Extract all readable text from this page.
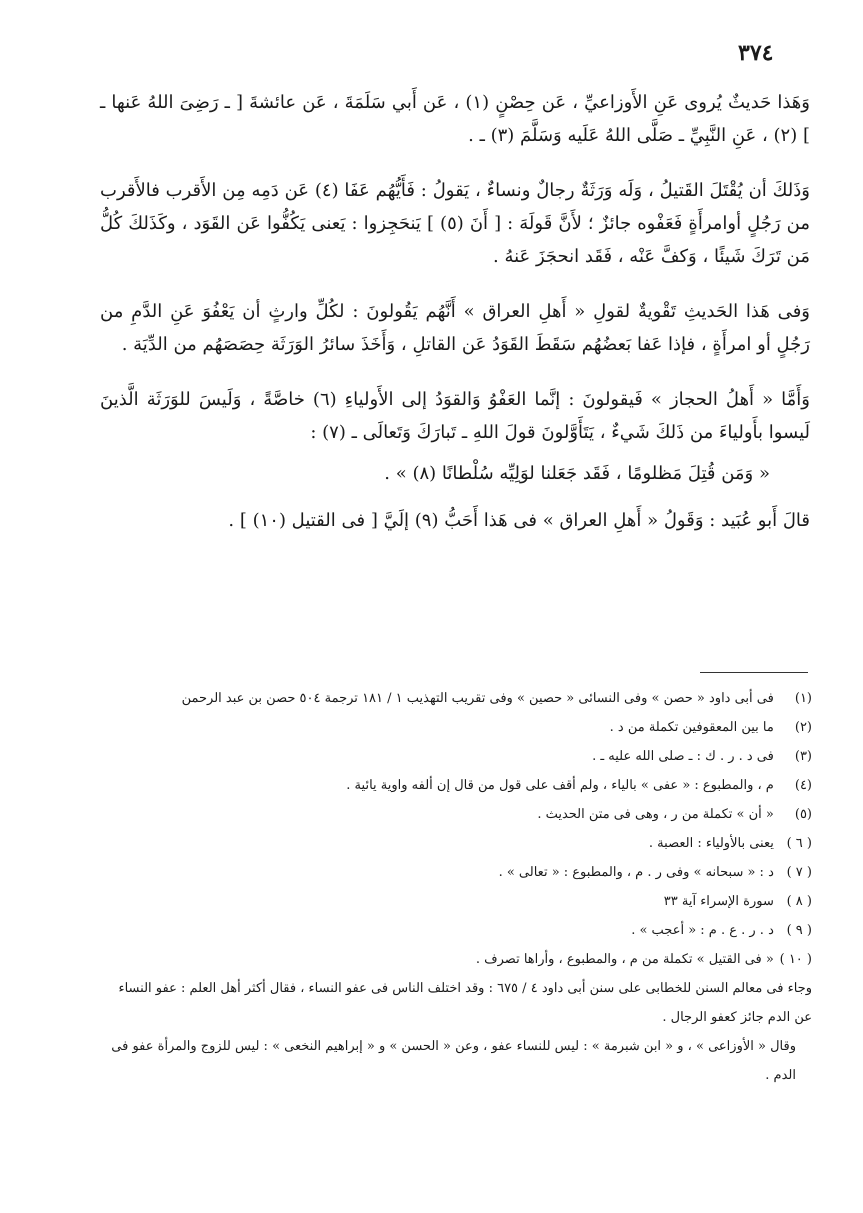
٣٧٤

وَهَذا حَديثٌ يُروى عَنِ الأَوزاعيِّ ، عَن حِصْنٍ (١) ، عَن أَبي سَلَمَةَ ، عَن عائشةَ [ ـ رَضِىَ اللهُ عَنها ـ ] (٢) ، عَنِ النَّبِيِّ ـ صَلَّى اللهُ عَلَيه وَسَلَّمَ (٣) ـ .

وَذَلكَ أن يُقْتَلَ القَتيلُ ، وَلَه وَرَثَةٌ رجالٌ ونساءٌ ، يَقولُ : فَأَيُّهُم عَفَا (٤) عَن دَمِه مِن الأَقرب فالأَقرب من رَجُلٍ أوامرأَةٍ فَعَفْوه جائزٌ ؛ لأَنَّ قَولَهَ : [ أَنَ (٥) ] يَنحَجِزوا : يَعنى يَكُفُّوا عَن القَوَد ، وكَذَلكَ كُلُّ مَن تَرَكَ شَيئًا ، وَكفَّ عَنْه ، فَقَد انحجَزَ عَنهُ .

وَفى هَذا الحَديثِ تَقْويةٌ لقولِ « أَهلِ العراق » أَنَّهُم يَقُولونَ : لكُلِّ وارثٍ أن يَعْفُوَ عَنِ الدَّمِ من رَجُلٍ أو امرأَةٍ ، فإذا عَفا بَعضُهُم سَقَطَ القَوَدُ عَن القاتلِ ، وَأَخَذَ سائرُ الوَرَثَة حِصَصَهُم من الدِّيَة .

وَأَمَّا « أَهلُ الحجاز » فَيقولونَ : إنَّما العَفْوُ وَالقوَدُ إلى الأَولياءِ (٦) خاصَّةً ، وَلَيسَ للوَرَثَة الَّذينَ لَيسوا بأَولياءَ من ذَلكَ شَيءٌ ، يَتَأَوَّلونَ قولَ اللهِ ـ تَبارَكَ وَتَعالَى ـ (٧) :

« وَمَن قُتِلَ مَظلومًا ، فَقَد جَعَلنا لوَلِيِّه سُلْطانًا (٨) » .

قالَ أَبو عُبَيد : وَقَولُ « أَهلِ العراق » فى هَذا أَحَبُّ (٩) إلَيَّ [ فى القتيل (١٠) ] .

(١) فى أبى داود « حصن » وفى النسائى « حصين » وفى تقريب التهذيب ١ / ١٨١ ترجمة ٥٠٤ حصن بن عبد الرحمن

(٢) ما بين المعقوفين تكملة من د .

(٣) فى د . ر . ك : ـ صلى الله عليه ـ .

(٤) م ، والمطبوع : « عفى » بالياء ، ولم أقف على قول من قال إن ألفه واوية يائية .

(٥) « أن » تكملة من ر ، وهى فى متن الحديث .

( ٦ ) يعنى بالأولياء : العصبة .

( ٧ ) د : « سبحانه » وفى ر . م ، والمطبوع : « تعالى » .

( ٨ ) سورة الإسراء آية ٣٣

( ٩ ) د . ر . ع . م : « أعجب » .

( ١٠ ) « فى القتيل » تكملة من م ، والمطبوع ، وأراها تصرف .

وجاء فى معالم السنن للخطابى على سنن أبى داود ٤ / ٦٧٥ : وقد اختلف الناس فى عفو النساء ، فقال أكثر أهل العلم : عفو النساء عن الدم جائز كعفو الرجال .

وقال « الأوزاعى » ، و « ابن شبرمة » : ليس للنساء عفو ، وعن « الحسن » و « إبراهيم النخعى » : ليس للزوج والمرأة عفو فى الدم .
